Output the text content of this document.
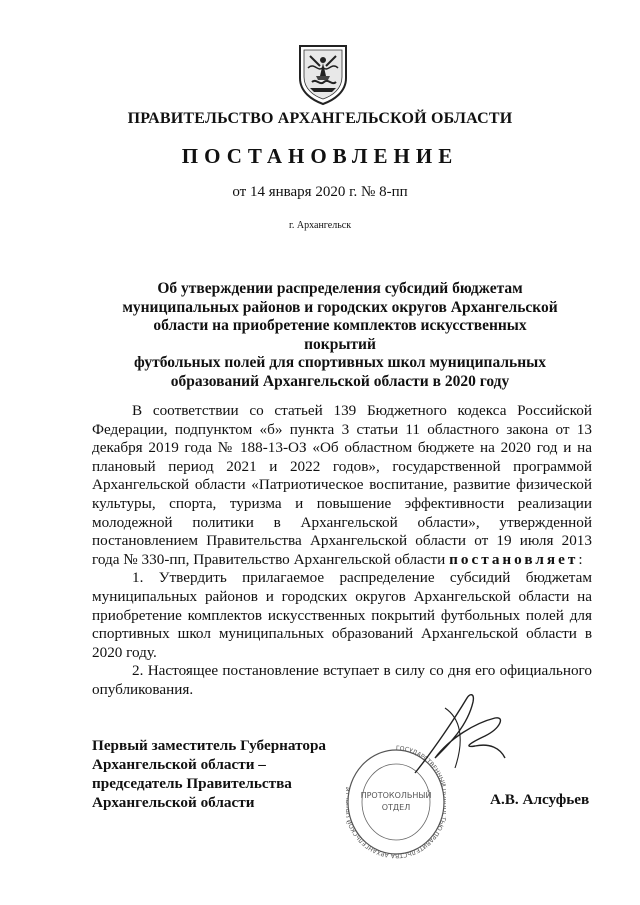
ПРАВИТЕЛЬСТВО АРХАНГЕЛЬСКОЙ ОБЛАСТИ
ПОСТАНОВЛЕНИЕ
от 14 января 2020 г. № 8-пп
г. Архангельск
Об утверждении распределения субсидий бюджетам
муниципальных районов и городских округов Архангельской
области на приобретение комплектов искусственных покрытий
футбольных полей для спортивных школ муниципальных
образований Архангельской области в 2020 году

В соответствии со статьей 139 Бюджетного кодекса Российской Федерации, подпунктом «б» пункта 3 статьи 11 областного закона от 13 декабря 2019 года № 188-13-ОЗ «Об областном бюджете на 2020 год и на плановый период 2021 и 2022 годов», государственной программой Архангельской области «Патриотическое воспитание, развитие физической культуры, спорта, туризма и повышение эффективности реализации молодежной политики в Архангельской области», утвержденной постановлением Правительства Архангельской области от 19 июля 2013 года № 330-пп, Правительство Архангельской области постановляет:

1. Утвердить прилагаемое распределение субсидий бюджетам муниципальных районов и городских округов Архангельской области на приобретение комплектов искусственных покрытий футбольных полей для спортивных школ муниципальных образований Архангельской области в 2020 году.

2. Настоящее постановление вступает в силу со дня его официального опубликования.

Первый заместитель Губернатора
Архангельской области –
председатель Правительства
Архангельской области
ГОСУДАРСТВЕННЫЙ ЬЮ ПРАВИТЕЛЬСТВА АРХАНГЕЛЬСКОЙ
ПРОТОКОЛЬНЫЙ
ОТДЕЛ	А.В. Алсуфьев
